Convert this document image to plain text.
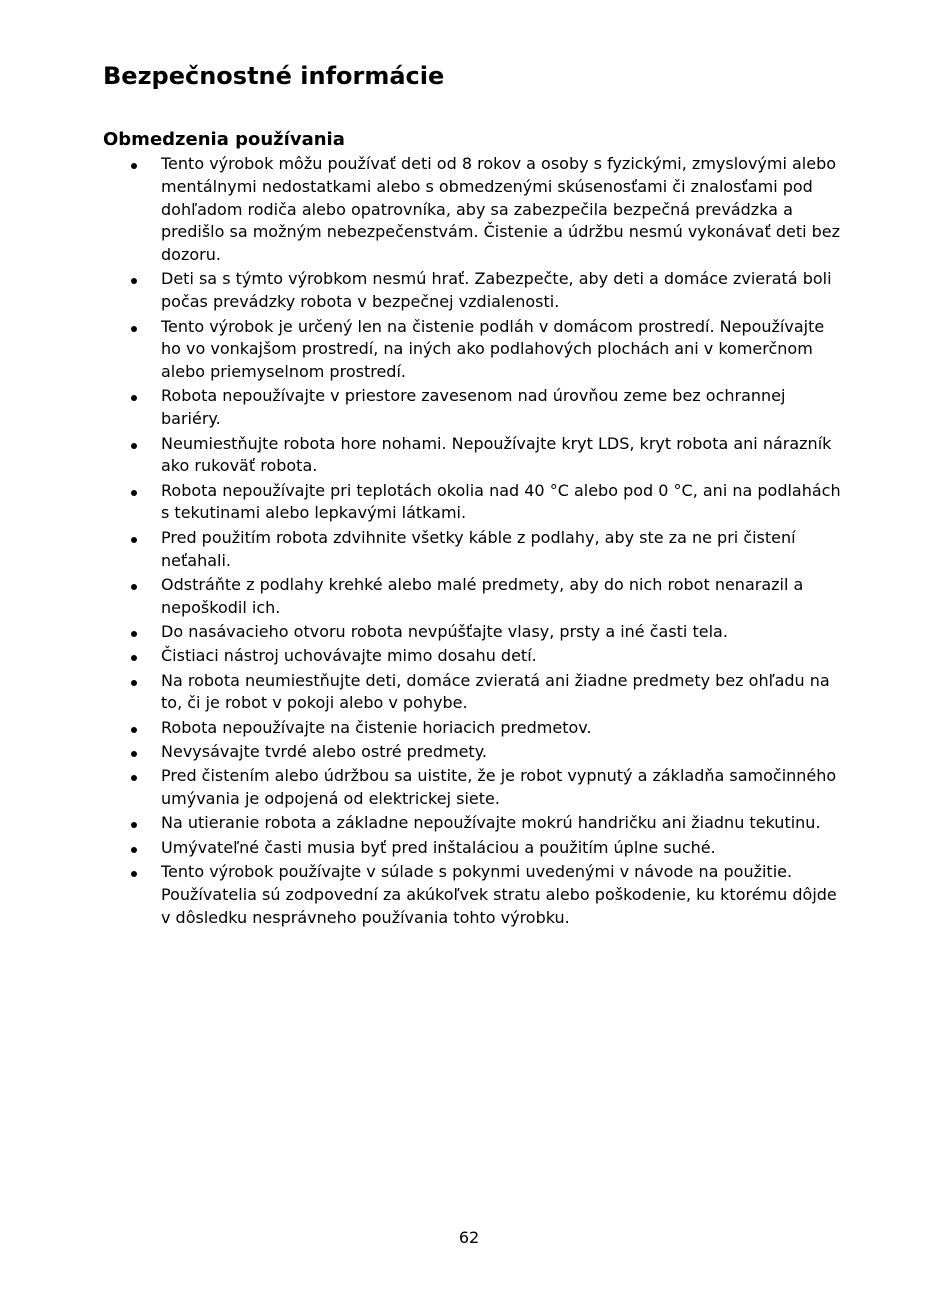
Bezpečnostné informácie
Obmedzenia používania
Tento výrobok môžu používať deti od 8 rokov a osoby s fyzickými, zmyslovými alebo mentálnymi nedostatkami alebo s obmedzenými skúsenosťami či znalosťami pod dohľadom rodiča alebo opatrovníka, aby sa zabezpečila bezpečná prevádzka a predišlo sa možným nebezpečenstvám. Čistenie a údržbu nesmú vykonávať deti bez dozoru.
Deti sa s týmto výrobkom nesmú hrať. Zabezpečte, aby deti a domáce zvieratá boli počas prevádzky robota v bezpečnej vzdialenosti.
Tento výrobok je určený len na čistenie podláh v domácom prostredí. Nepoužívajte ho vo vonkajšom prostredí, na iných ako podlahových plochách ani v komerčnom alebo priemyselnom prostredí.
Robota nepoužívajte v priestore zavesenom nad úrovňou zeme bez ochrannej bariéry.
Neumiestňujte robota hore nohami. Nepoužívajte kryt LDS, kryt robota ani nárazník ako rukoväť robota.
Robota nepoužívajte pri teplotách okolia nad 40 °C alebo pod 0 °C, ani na podlahách s tekutinami alebo lepkavými látkami.
Pred použitím robota zdvihnite všetky káble z podlahy, aby ste za ne pri čistení neťahali.
Odstráňte z podlahy krehké alebo malé predmety, aby do nich robot nenarazil a nepoškodil ich.
Do nasávacieho otvoru robota nevpúšťajte vlasy, prsty a iné časti tela.
Čistiaci nástroj uchovávajte mimo dosahu detí.
Na robota neumiestňujte deti, domáce zvieratá ani žiadne predmety bez ohľadu na to, či je robot v pokoji alebo v pohybe.
Robota nepoužívajte na čistenie horiacich predmetov.
Nevysávajte tvrdé alebo ostré predmety.
Pred čistením alebo údržbou sa uistite, že je robot vypnutý a základňa samočinného umývania je odpojená od elektrickej siete.
Na utieranie robota a základne nepoužívajte mokrú handričku ani žiadnu tekutinu.
Umývateľné časti musia byť pred inštaláciou a použitím úplne suché.
Tento výrobok používajte v súlade s pokynmi uvedenými v návode na použitie. Používatelia sú zodpovední za akúkoľvek stratu alebo poškodenie, ku ktorému dôjde v dôsledku nesprávneho používania tohto výrobku.

62
